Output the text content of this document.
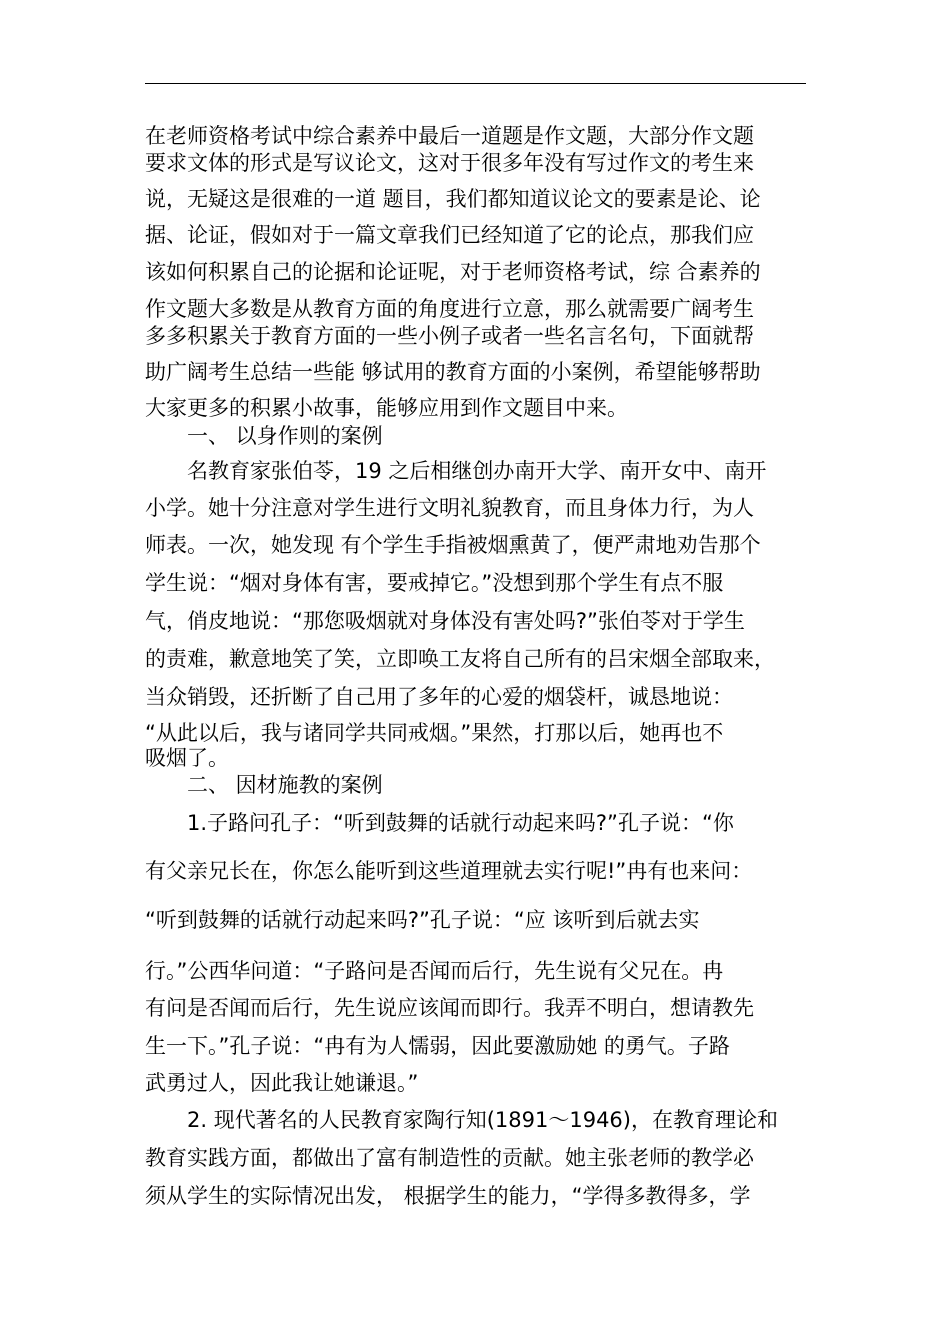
在老师资格考试中综合素养中最后一道题是作文题，大部分作文题
要求文体的形式是写议论文，这对于很多年没有写过作文的考生来
说，无疑这是很难的一道 题目，我们都知道议论文的要素是论、论
据、论证，假如对于一篇文章我们已经知道了它的论点，那我们应
该如何积累自己的论据和论证呢，对于老师资格考试，综 合素养的
作文题大多数是从教育方面的角度进行立意，那么就需要广阔考生
多多积累关于教育方面的一些小例子或者一些名言名句，下面就帮
助广阔考生总结一些能 够试用的教育方面的小案例，希望能够帮助
大家更多的积累小故事，能够应用到作文题目中来。
　　一、 以身作则的案例
　　名教育家张伯苓，19 之后相继创办南开大学、南开女中、南开
小学。她十分注意对学生进行文明礼貌教育，而且身体力行，为人
师表。一次，她发现 有个学生手指被烟熏黄了，便严肃地劝告那个
学生说：“烟对身体有害，要戒掉它。”没想到那个学生有点不服
气，俏皮地说：“那您吸烟就对身体没有害处吗?”张伯苓对于学生
的责难，歉意地笑了笑，立即唤工友将自己所有的吕宋烟全部取来，
当众销毁，还折断了自己用了多年的心爱的烟袋杆，诚恳地说：
“从此以后，我与诸同学共同戒烟。”果然，打那以后，她再也不
吸烟了。
　　二、 因材施教的案例
　　1.子路问孔子：“听到鼓舞的话就行动起来吗?”孔子说：“你
有父亲兄长在，你怎么能听到这些道理就去实行呢!”冉有也来问：
“听到鼓舞的话就行动起来吗?”孔子说：“应 该听到后就去实
行。”公西华问道：“子路问是否闻而后行，先生说有父兄在。冉
有问是否闻而后行，先生说应该闻而即行。我弄不明白，想请教先
生一下。”孔子说：“冉有为人懦弱，因此要激励她 的勇气。子路
武勇过人，因此我让她谦退。”
　　2. 现代著名的人民教育家陶行知(1891～1946)，在教育理论和
教育实践方面，都做出了富有制造性的贡献。她主张老师的教学必
须从学生的实际情况出发， 根据学生的能力，“学得多教得多，学
